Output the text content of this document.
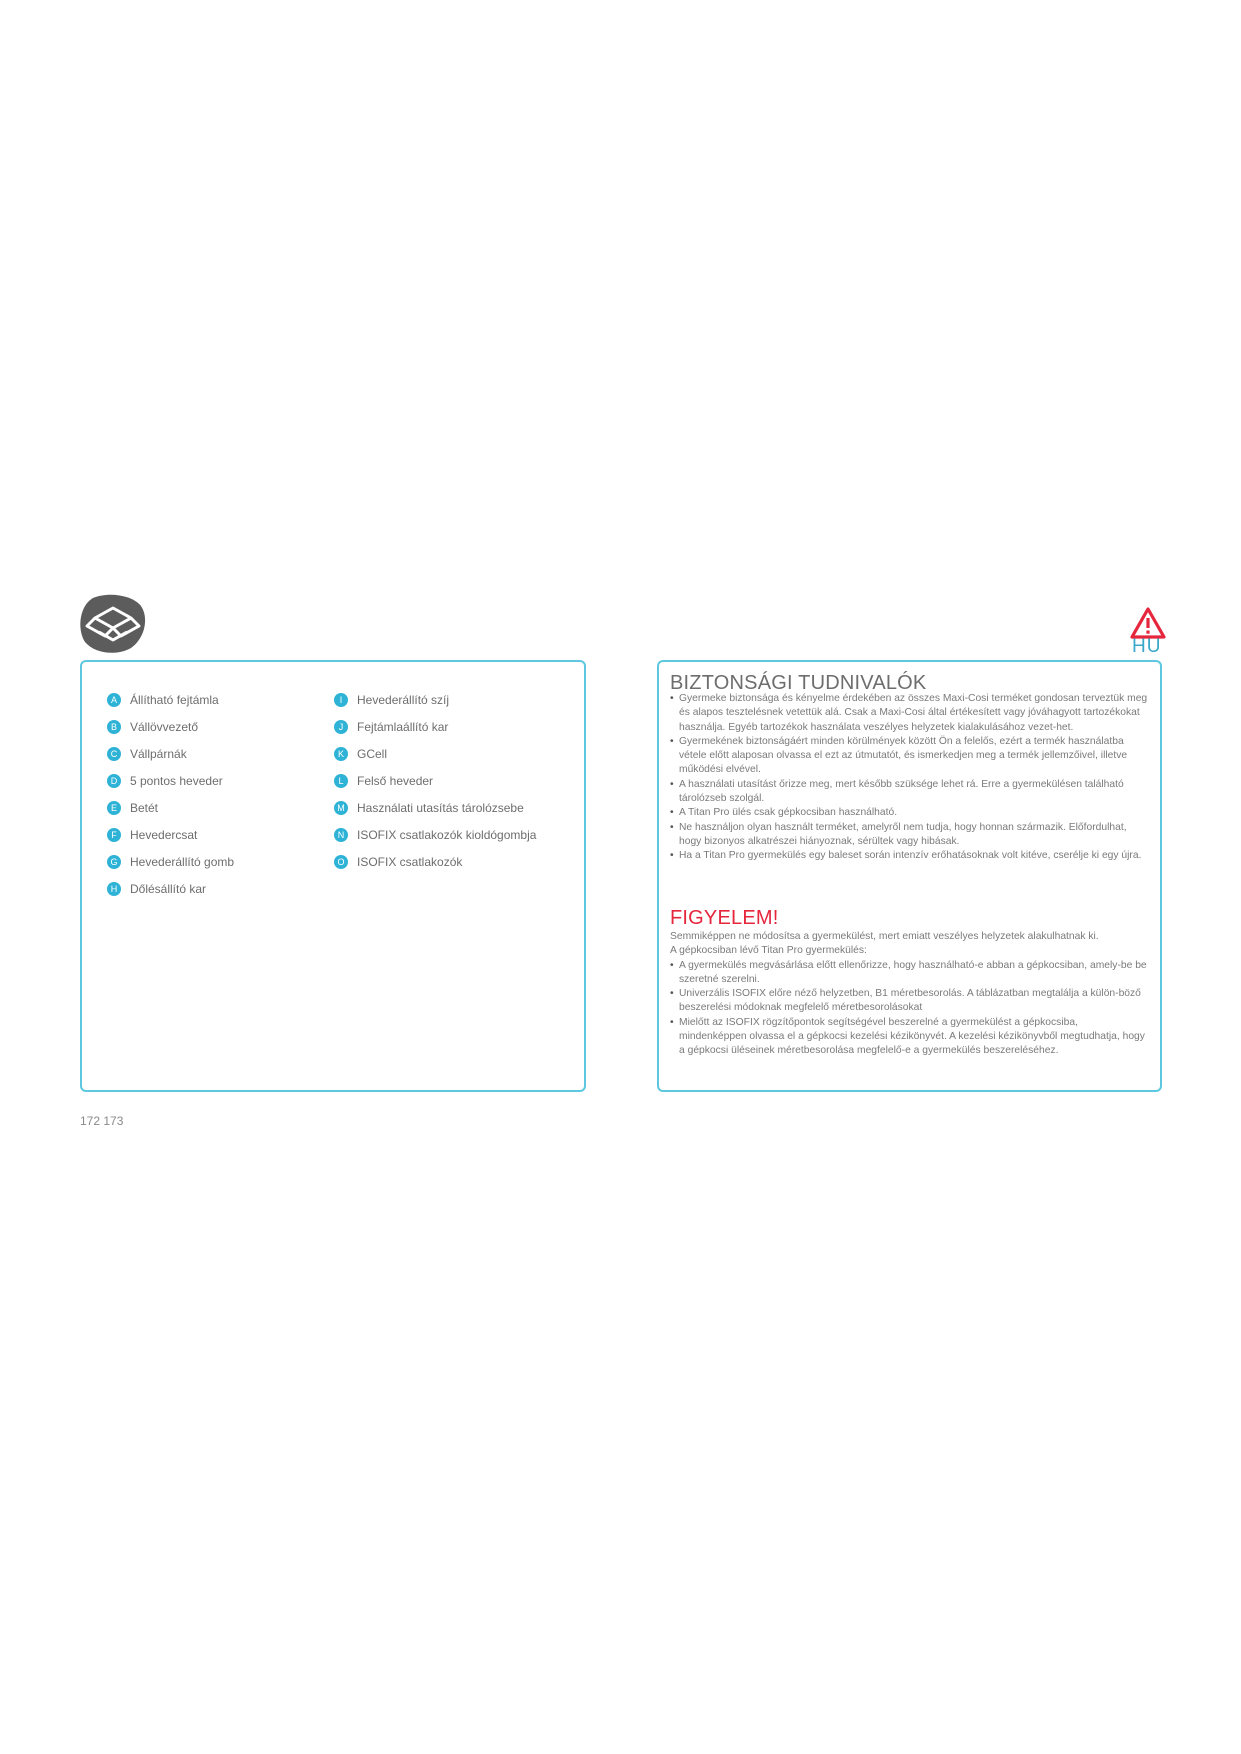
HU
A	Állítható fejtámla
B	Vállövvezető
C	Vállpárnák
D	5 pontos heveder
E	Betét
F	Hevedercsat
G Hevederállító gomb
H	Dőlésállító kar
I	Hevederállító szíj
J	Fejtámlaállító kar
K	GCell
L	Felső heveder
M Használati utasítás tárolózsebe
N	ISOFIX csatlakozók kioldógombja
O ISOFIX csatlakozók
BIZTONSÁGI TUDNIVALÓK

• Gyermeke biztonsága és kényelme érdekében az összes Maxi-Cosi terméket gondosan terveztük meg és alapos tesztelésnek vetettük alá. Csak a Maxi-Cosi által értékesített vagy jóváhagyott tartozékokat használja. Egyéb tartozékok használata veszélyes helyzetek kialakulásához vezet-het.

• Gyermekének biztonságáért minden körülmények között Ön a felelős, ezért a termék használatba vétele előtt alaposan olvassa el ezt az útmutatót, és ismerkedjen meg a termék jellemzőivel, illetve működési elvével.

• A használati utasítást őrizze meg, mert később szüksége lehet rá. Erre a gyermekülésen található tárolózseb szolgál.

• A Titan Pro ülés csak gépkocsiban használható.

• Ne használjon olyan használt terméket, amelyről nem tudja, hogy honnan származik. Előfordulhat, hogy bizonyos alkatrészei hiányoznak, sérültek vagy hibásak.

• Ha a Titan Pro gyermekülés egy baleset során intenzív erőhatásoknak volt kitéve, cserélje ki egy újra.

FIGYELEM!

Semmiképpen ne módosítsa a gyermekülést, mert emiatt veszélyes helyzetek alakulhatnak ki.

A gépkocsiban lévő Titan Pro gyermekülés:

• A gyermekülés megvásárlása előtt ellenőrizze, hogy használható-e abban a gépkocsiban, amely-be be szeretné szerelni.

• Univerzális ISOFIX előre néző helyzetben, B1 méretbesorolás. A táblázatban megtalálja a külön-böző beszerelési módoknak megfelelő méretbesorolásokat

• Mielőtt az ISOFIX rögzítőpontok segítségével beszerelné a gyermekülést a gépkocsiba, mindenképpen olvassa el a gépkocsi kezelési kézikönyvét. A kezelési kézikönyvből megtudhatja, hogy a gépkocsi üléseinek méretbesorolása megfelelő-e a gyermekülés beszereléséhez.

172 173
